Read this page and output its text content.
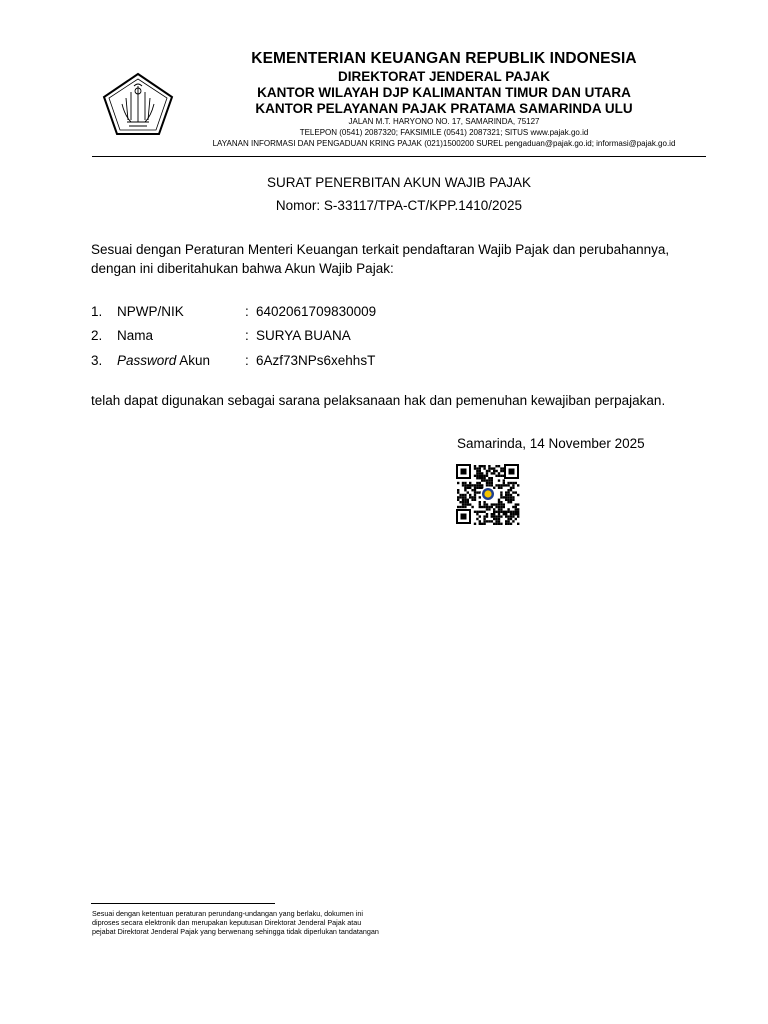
KEMENTERIAN KEUANGAN REPUBLIK INDONESIA
DIREKTORAT JENDERAL PAJAK
KANTOR WILAYAH DJP KALIMANTAN TIMUR DAN UTARA
KANTOR PELAYANAN PAJAK PRATAMA SAMARINDA ULU
JALAN M.T. HARYONO NO. 17, SAMARINDA, 75127
TELEPON (0541) 2087320; FAKSIMILE (0541) 2087321; SITUS www.pajak.go.id
LAYANAN INFORMASI DAN PENGADUAN KRING PAJAK (021)1500200 SUREL pengaduan@pajak.go.id; informasi@pajak.go.id
SURAT PENERBITAN AKUN WAJIB PAJAK
Nomor: S-33117/TPA-CT/KPP.1410/2025
Sesuai dengan Peraturan Menteri Keuangan terkait pendaftaran Wajib Pajak dan perubahannya,
dengan ini diberitahukan bahwa Akun Wajib Pajak:
1. NPWP/NIK	: 6402061709830009
2. Nama	: SURYA BUANA
3. Password Akun	: 6Azf73NPs6xehhsT
telah dapat digunakan sebagai sarana pelaksanaan hak dan pemenuhan kewajiban perpajakan.
Samarinda, 14 November 2025
Sesuai dengan ketentuan peraturan perundang-undangan yang berlaku, dokumen ini
diproses secara elektronik dan merupakan keputusan Direktorat Jenderal Pajak atau
pejabat Direktorat Jenderal Pajak yang berwenang sehingga tidak diperlukan tandatangan
